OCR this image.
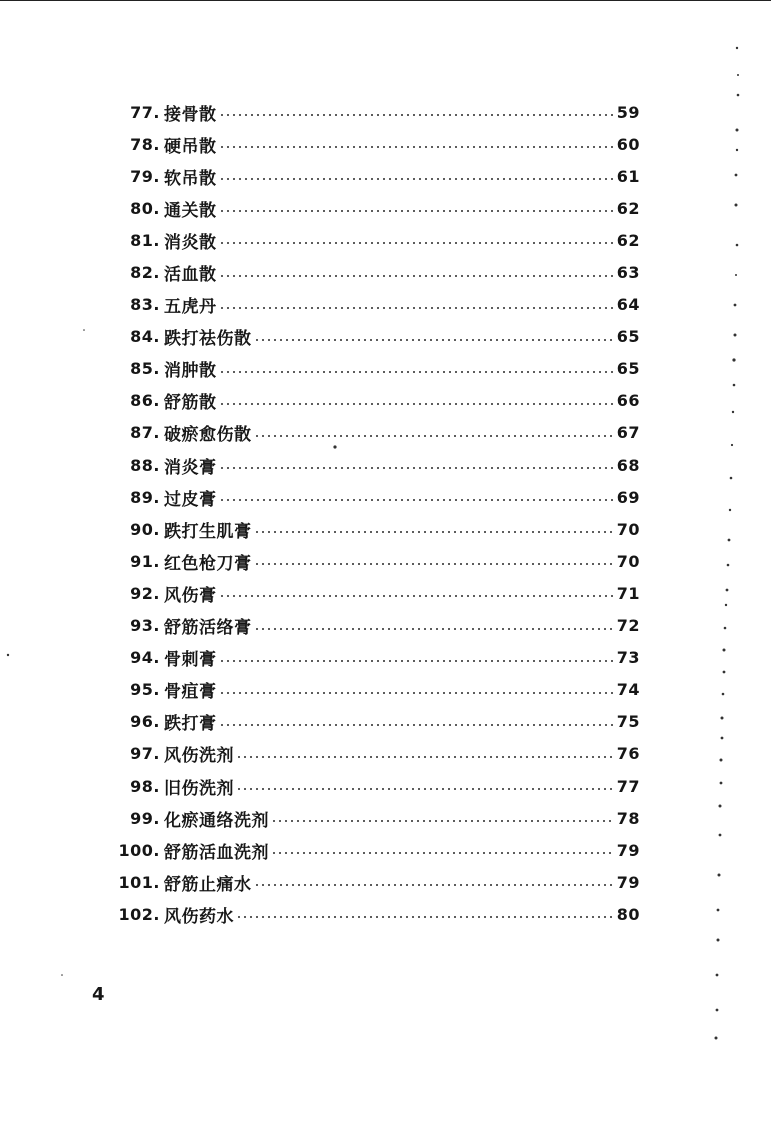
77. 接骨散	59
78. 硬吊散	60
79. 软吊散	61
80. 通关散	62
81. 消炎散	62
82. 活血散	63
83. 五虎丹	64
84. 跌打祛伤散	65
85. 消肿散	65
86. 舒筋散	66
87. 破瘀愈伤散	67
88. 消炎膏	68
89. 过皮膏	69
90. 跌打生肌膏	70
91. 红色枪刀膏	70
92. 风伤膏	71
93. 舒筋活络膏	72
94. 骨刺膏	73
95. 骨疽膏	74
96. 跌打膏	75
97. 风伤洗剂	76
98. 旧伤洗剂	77
99. 化瘀通络洗剂	78
100. 舒筋活血洗剂	79
101. 舒筋止痛水	79
102. 风伤药水	80
4
